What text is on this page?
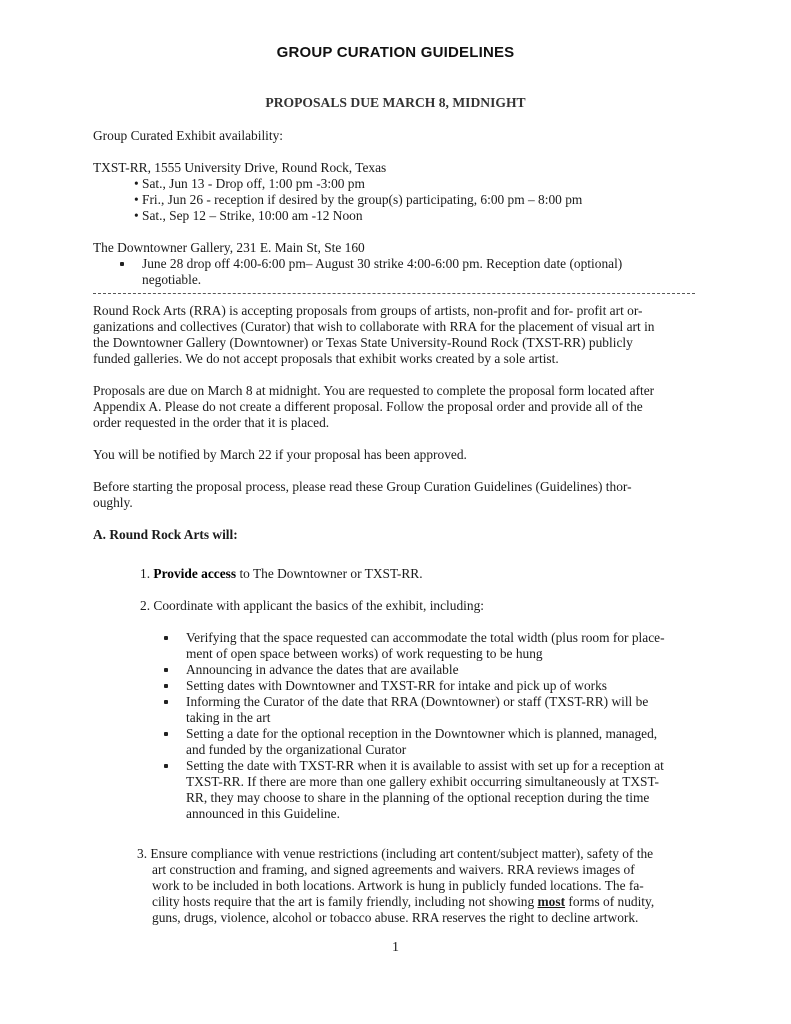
GROUP CURATION GUIDELINES
PROPOSALS DUE MARCH 8, MIDNIGHT
Group Curated Exhibit availability:
TXST-RR, 1555 University Drive, Round Rock, Texas
• Sat., Jun 13 - Drop off, 1:00 pm -3:00 pm
• Fri., Jun 26 - reception if desired by the group(s) participating, 6:00 pm – 8:00 pm
• Sat., Sep 12 – Strike, 10:00 am -12 Noon
The Downtowner Gallery, 231 E. Main St, Ste 160
June 28 drop off 4:00-6:00 pm– August 30 strike 4:00-6:00 pm. Reception date (optional)
negotiable.
Round Rock Arts (RRA) is accepting proposals from groups of artists, non-profit and for- profit art or-
ganizations and collectives (Curator) that wish to collaborate with RRA for the placement of visual art in
the Downtowner Gallery (Downtowner) or Texas State University-Round Rock (TXST-RR) publicly
funded galleries. We do not accept proposals that exhibit works created by a sole artist.
Proposals are due on March 8 at midnight. You are requested to complete the proposal form located after
Appendix A. Please do not create a different proposal. Follow the proposal order and provide all of the
order requested in the order that it is placed.
You will be notified by March 22 if your proposal has been approved.
Before starting the proposal process, please read these Group Curation Guidelines (Guidelines) thor-
oughly.
A. Round Rock Arts will:
1. Provide access to The Downtowner or TXST-RR.
2. Coordinate with applicant the basics of the exhibit, including:
Verifying that the space requested can accommodate the total width (plus room for place-
ment of open space between works) of work requesting to be hung
Announcing in advance the dates that are available
Setting dates with Downtowner and TXST-RR for intake and pick up of works
Informing the Curator of the date that RRA (Downtowner) or staff (TXST-RR) will be
taking in the art
Setting a date for the optional reception in the Downtowner which is planned, managed,
and funded by the organizational Curator
Setting the date with TXST-RR when it is available to assist with set up for a reception at
TXST-RR. If there are more than one gallery exhibit occurring simultaneously at TXST-
RR, they may choose to share in the planning of the optional reception during the time
announced in this Guideline.
3. Ensure compliance with venue restrictions (including art content/subject matter), safety of the
art construction and framing, and signed agreements and waivers. RRA reviews images of
work to be included in both locations. Artwork is hung in publicly funded locations. The fa-
cility hosts require that the art is family friendly, including not showing most forms of nudity,
guns, drugs, violence, alcohol or tobacco abuse. RRA reserves the right to decline artwork.
1
